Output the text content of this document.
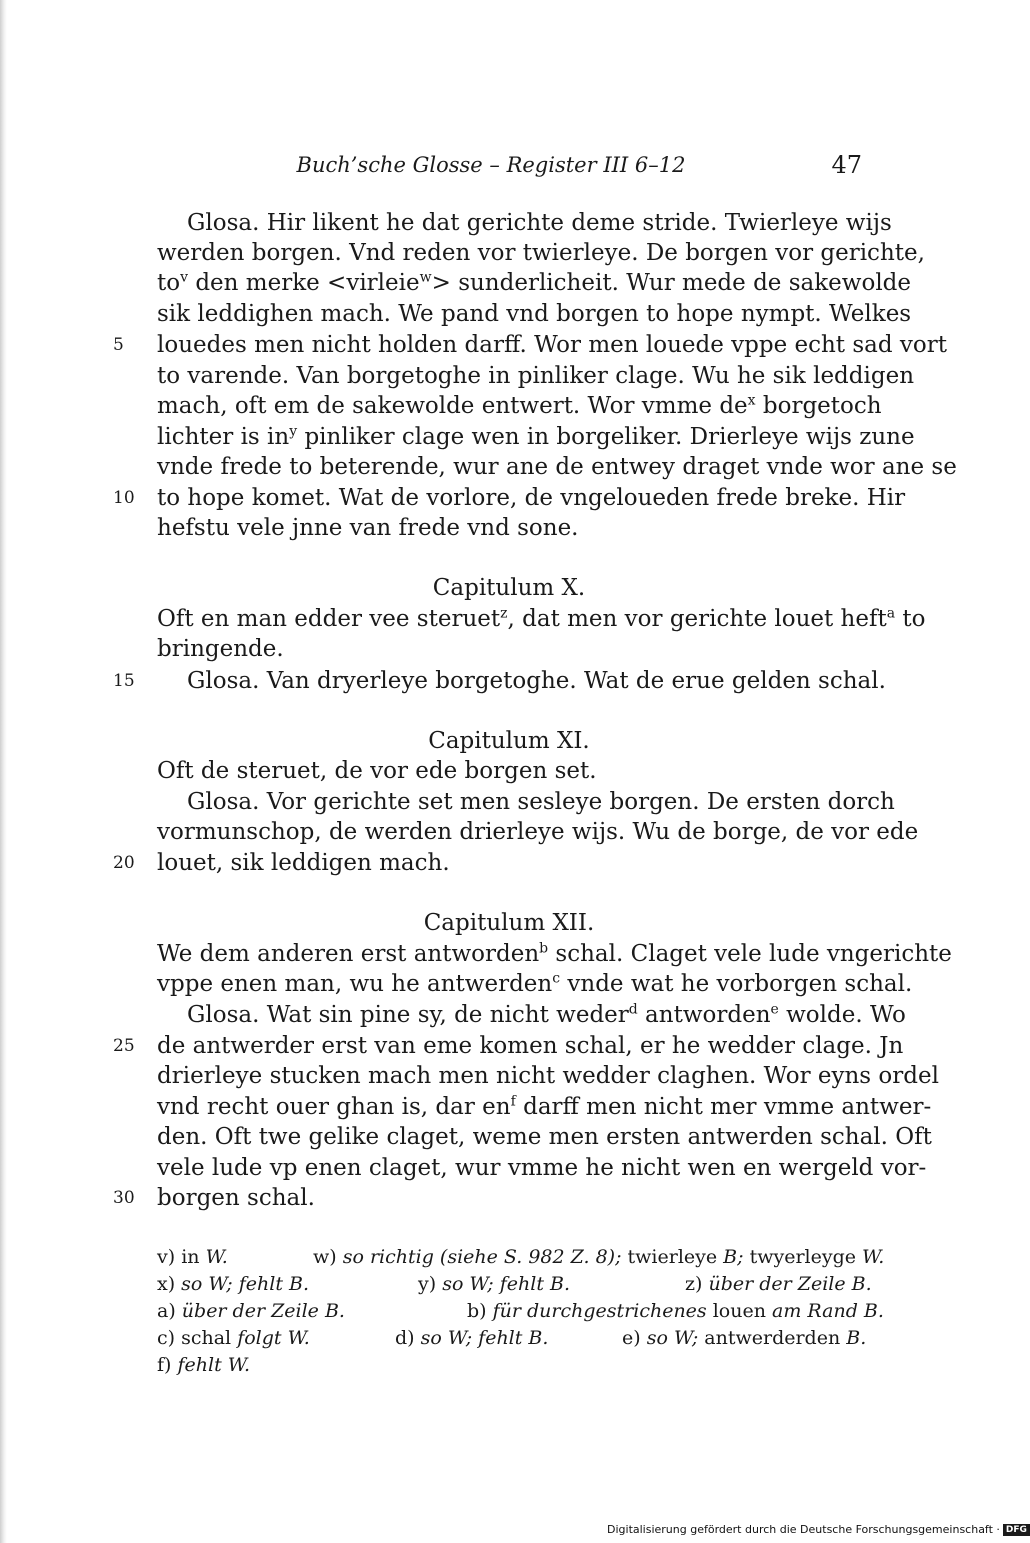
Buch’sche Glosse – Register III 6–12	47
Glosa. Hir likent he dat gerichte deme stride. Twierleye wijs
werden borgen. Vnd reden vor twierleye. De borgen vor gerichte,
$to^v$ den merke <virleie$^w$> sunderlicheit. Wur mede de sakewolde
sik leddighen mach. We pand vnd borgen to hope nympt. Welkes
5	louedes men nicht holden darff. Wor men louede vppe echt sad vort
to varende. Van borgetoghe in pinliker clage. Wu he sik leddigen
mach, oft em de sakewolde entwert. Wor vmme $de^x$ borgetoch
lichter is $in^y$ pinliker clage wen in borgeliker. Drierleye wijs zune
vnde frede to beterende, wur ane de entwey draget vnde wor ane se
10 to hope komet. Wat de vorlore, de vngeloueden frede breke. Hir
hefstu vele jnne van frede vnd sone.
Capitulum X.
Oft en man edder vee steruet$^z$, dat men vor gerichte louet heft$^a$ to
bringende.
15	Glosa. Van dryerleye borgetoghe. Wat de erue gelden schal.
Capitulum XI.
Oft de steruet, de vor ede borgen set.
Glosa. Vor gerichte set men sesleye borgen. De ersten dorch
vormunschop, de werden drierleye wijs. Wu de borge, de vor ede
20 louet, sik leddigen mach.
Capitulum XII.
We dem anderen erst antworden$^b$ schal. Claget vele lude vngerichte
vppe enen man, wu he antwerden$^c$ vnde wat he vorborgen schal.
Glosa. Wat sin pine sy, de nicht weder$^d$ antworden$^e$ wolde. Wo
25 de antwerder erst van eme komen schal, er he wedder clage. Jn
drierleye stucken mach men nicht wedder claghen. Wor eyns ordel
vnd recht ouer ghan is, dar $en^f$ darff men nicht mer vmme antwer-
den. Oft twe gelike claget, weme men ersten antwerden schal. Oft
vele lude vp enen claget, wur vmme he nicht wen en wergeld vor-
30 borgen schal.
v) in W.	w) so richtig (siehe S. 982 Z. 8); twierleye B; twyerleyge W.
x) so W; fehlt B.	y) so W; fehlt B.	z) über der Zeile B.
a) über der Zeile B.	b) für durchgestrichenes louen am Rand B.
c) schal folgt W.	d) so W; fehlt B.	e) so W; antwerderden B.
f) fehlt W.
Digitalisierung gefördert durch die Deutsche Forschungsgemeinschaft · DFG
